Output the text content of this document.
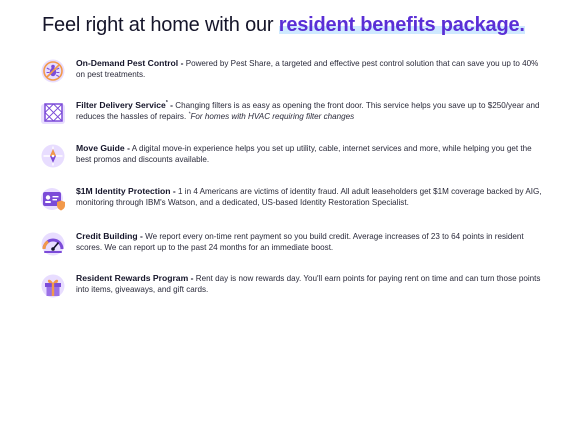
Feel right at home with our resident benefits package.
On-Demand Pest Control - Powered by Pest Share, a targeted and effective pest control solution that can save you up to 40% on pest treatments.
Filter Delivery Service* - Changing filters is as easy as opening the front door. This service helps you save up to $250/year and reduces the hassles of repairs. *For homes with HVAC requiring filter changes
Move Guide - A digital move-in experience helps you set up utility, cable, internet services and more, while helping you get the best promos and discounts available.
$1M Identity Protection - 1 in 4 Americans are victims of identity fraud. All adult leaseholders get $1M coverage backed by AIG, monitoring through IBM's Watson, and a dedicated, US-based Identity Restoration Specialist.
Credit Building - We report every on-time rent payment so you build credit. Average increases of 23 to 64 points in resident scores. We can report up to the past 24 months for an immediate boost.
Resident Rewards Program - Rent day is now rewards day. You'll earn points for paying rent on time and can turn those points into items, giveaways, and gift cards.
